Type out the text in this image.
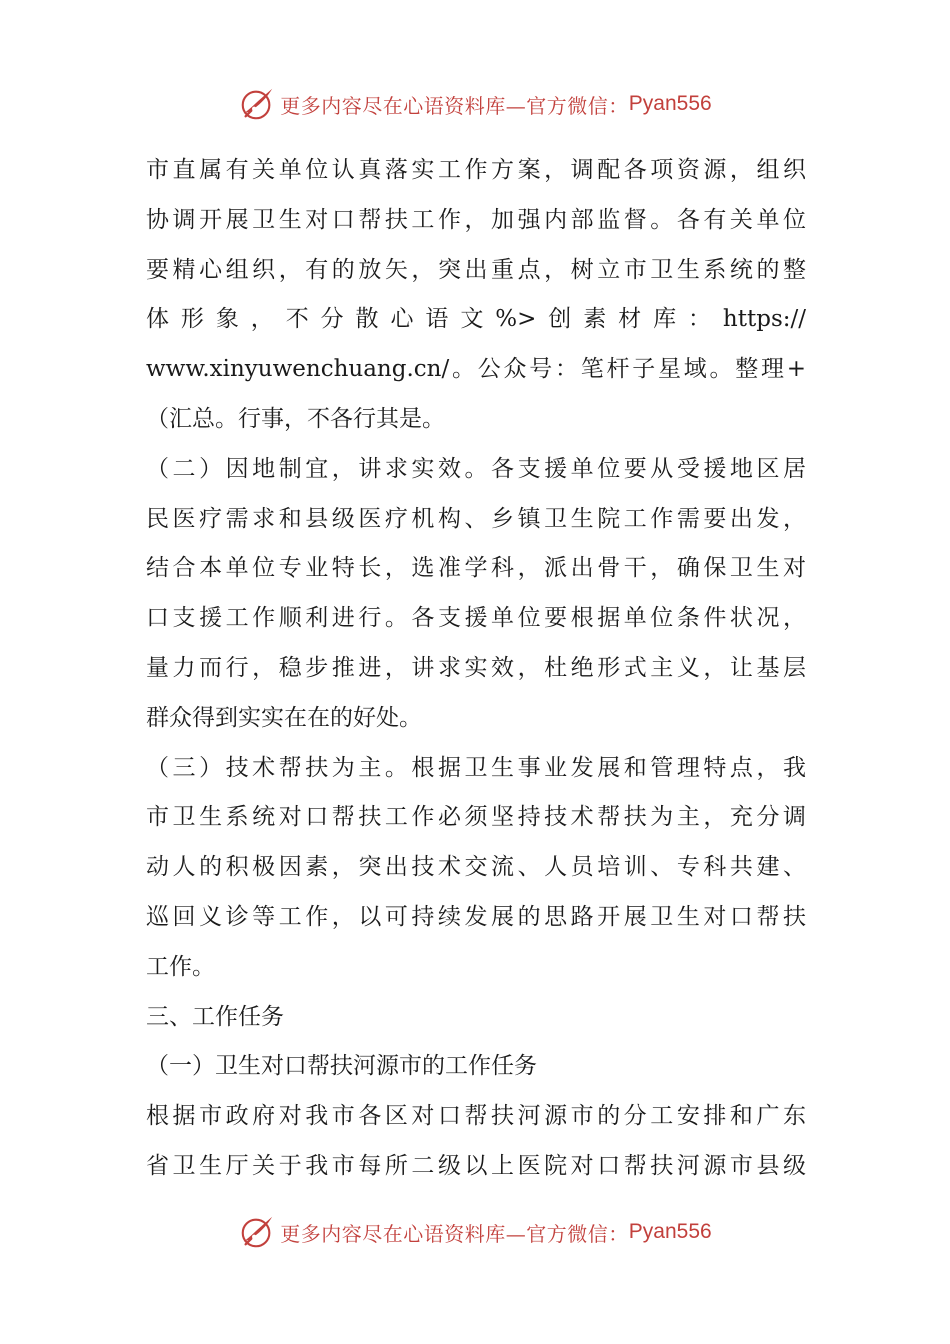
更多内容尽在心语资料库—官方微信： Pyan556
市直属有关单位认真落实工作方案，调配各项资源，组织
协调开展卫生对口帮扶工作，加强内部监督。各有关单位
要精心组织，有的放矢，突出重点，树立市卫生系统的整
体形象，不分散心语文%>创素材库：https://
www.xinyuwenchuang.cn/。公众号：笔杆子星域。整理+
（汇总。行事，不各行其是。
（二）因地制宜，讲求实效。各支援单位要从受援地区居
民医疗需求和县级医疗机构、乡镇卫生院工作需要出发，
结合本单位专业特长，选准学科，派出骨干，确保卫生对
口支援工作顺利进行。各支援单位要根据单位条件状况，
量力而行，稳步推进，讲求实效，杜绝形式主义，让基层
群众得到实实在在的好处。
（三）技术帮扶为主。根据卫生事业发展和管理特点，我
市卫生系统对口帮扶工作必须坚持技术帮扶为主，充分调
动人的积极因素，突出技术交流、人员培训、专科共建、
巡回义诊等工作，以可持续发展的思路开展卫生对口帮扶
工作。
三、工作任务
（一）卫生对口帮扶河源市的工作任务
根据市政府对我市各区对口帮扶河源市的分工安排和广东
省卫生厅关于我市每所二级以上医院对口帮扶河源市县级
更多内容尽在心语资料库—官方微信： Pyan556
